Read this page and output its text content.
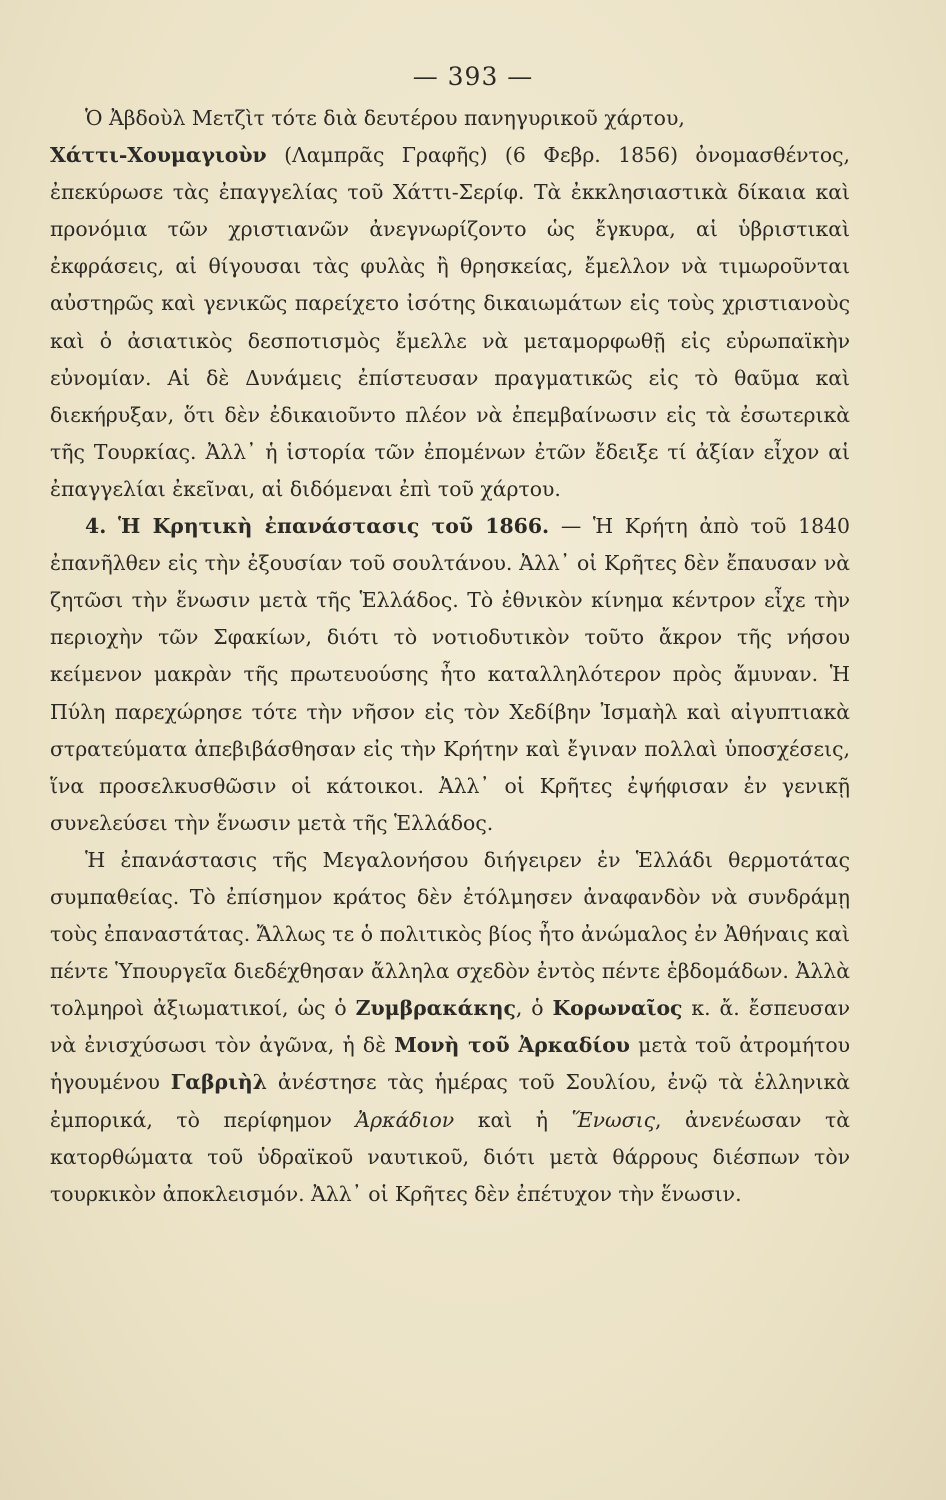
— 393 —

Ὁ Ἀβδοὺλ Μετζὶτ τότε διὰ δευτέρου πανηγυρικοῦ χάρτου,
Χάττι-Χουμαγιοὺν (Λαμπρᾶς Γραφῆς) (6 Φεβρ. 1856) ὀνομασθέντος, ἐπεκύρωσε τὰς ἐπαγγελίας τοῦ Χάττι-Σερίφ. Τὰ ἐκκλησιαστικὰ δίκαια καὶ προνόμια τῶν χριστιανῶν ἀνεγνωρίζοντο ὡς ἔγκυρα, αἱ ὑβριστικαὶ ἐκφράσεις, αἱ θίγουσαι τὰς φυλὰς ἢ θρησκείας, ἔμελλον νὰ τιμωροῦνται αὐστηρῶς καὶ γενικῶς παρείχετο ἰσότης δικαιωμάτων εἰς τοὺς χριστιανοὺς καὶ ὁ ἀσιατικὸς δεσποτισμὸς ἔμελλε νὰ μεταμορφωθῇ εἰς εὐρωπαϊκὴν εὐνομίαν. Αἱ δὲ Δυνάμεις ἐπίστευσαν πραγματικῶς εἰς τὸ θαῦμα καὶ διεκήρυξαν, ὅτι δὲν ἐδικαιοῦντο πλέον νὰ ἐπεμβαίνωσιν εἰς τὰ ἐσωτερικὰ τῆς Τουρκίας. Ἀλλ᾽ ἡ ἱστορία τῶν ἐπομένων ἐτῶν ἔδειξε τί ἀξίαν εἶχον αἱ ἐπαγγελίαι ἐκεῖναι, αἱ διδόμεναι ἐπὶ τοῦ χάρτου.

4. Ἡ Κρητικὴ ἐπανάστασις τοῦ 1866. — Ἡ Κρήτη ἀπὸ τοῦ 1840 ἐπανῆλθεν εἰς τὴν ἐξουσίαν τοῦ σουλτάνου. Ἀλλ᾽ οἱ Κρῆτες δὲν ἔπαυσαν νὰ ζητῶσι τὴν ἕνωσιν μετὰ τῆς Ἑλλάδος. Τὸ ἐθνικὸν κίνημα κέντρον εἶχε τὴν περιοχὴν τῶν Σφακίων, διότι τὸ νοτιοδυτικὸν τοῦτο ἄκρον τῆς νήσου κείμενον μακρὰν τῆς πρωτευούσης ἦτο καταλληλότερον πρὸς ἄμυναν. Ἡ Πύλη παρεχώρησε τότε τὴν νῆσον εἰς τὸν Χεδίβην Ἰσμαὴλ καὶ αἰγυπτιακὰ στρατεύματα ἀπεβιβάσθησαν εἰς τὴν Κρήτην καὶ ἔγιναν πολλαὶ ὑποσχέσεις, ἵνα προσελκυσθῶσιν οἱ κάτοικοι. Ἀλλ᾽ οἱ Κρῆτες ἐψήφισαν ἐν γενικῇ συνελεύσει τὴν ἕνωσιν μετὰ τῆς Ἑλλάδος.

Ἡ ἐπανάστασις τῆς Μεγαλονήσου διήγειρεν ἐν Ἑλλάδι θερμοτάτας συμπαθείας. Τὸ ἐπίσημον κράτος δὲν ἐτόλμησεν ἀναφανδὸν νὰ συνδράμῃ τοὺς ἐπαναστάτας. Ἄλλως τε ὁ πολιτικὸς βίος ἦτο ἀνώμαλος ἐν Ἀθήναις καὶ πέντε Ὑπουργεῖα διεδέχθησαν ἄλληλα σχεδὸν ἐντὸς πέντε ἑβδομάδων. Ἀλλὰ τολμηροὶ ἀξιωματικοί, ὡς ὁ Ζυμβρακάκης, ὁ Κορωναῖος κ. ἄ. ἔσπευσαν νὰ ἐνισχύσωσι τὸν ἀγῶνα, ἡ δὲ Μονὴ τοῦ Ἀρκαδίου μετὰ τοῦ ἀτρομήτου ἡγουμένου Γαβριὴλ ἀνέστησε τὰς ἡμέρας τοῦ Σουλίου, ἐνῷ τὰ ἑλληνικὰ ἐμπορικά, τὸ περίφημον Ἀρκάδιον καὶ ἡ Ἕνωσις, ἀνενέωσαν τὰ κατορθώματα τοῦ ὑδραϊκοῦ ναυτικοῦ, διότι μετὰ θάρρους διέσπων τὸν τουρκικὸν ἀποκλεισμόν. Ἀλλ᾽ οἱ Κρῆτες δὲν ἐπέτυχον τὴν ἕνωσιν.
